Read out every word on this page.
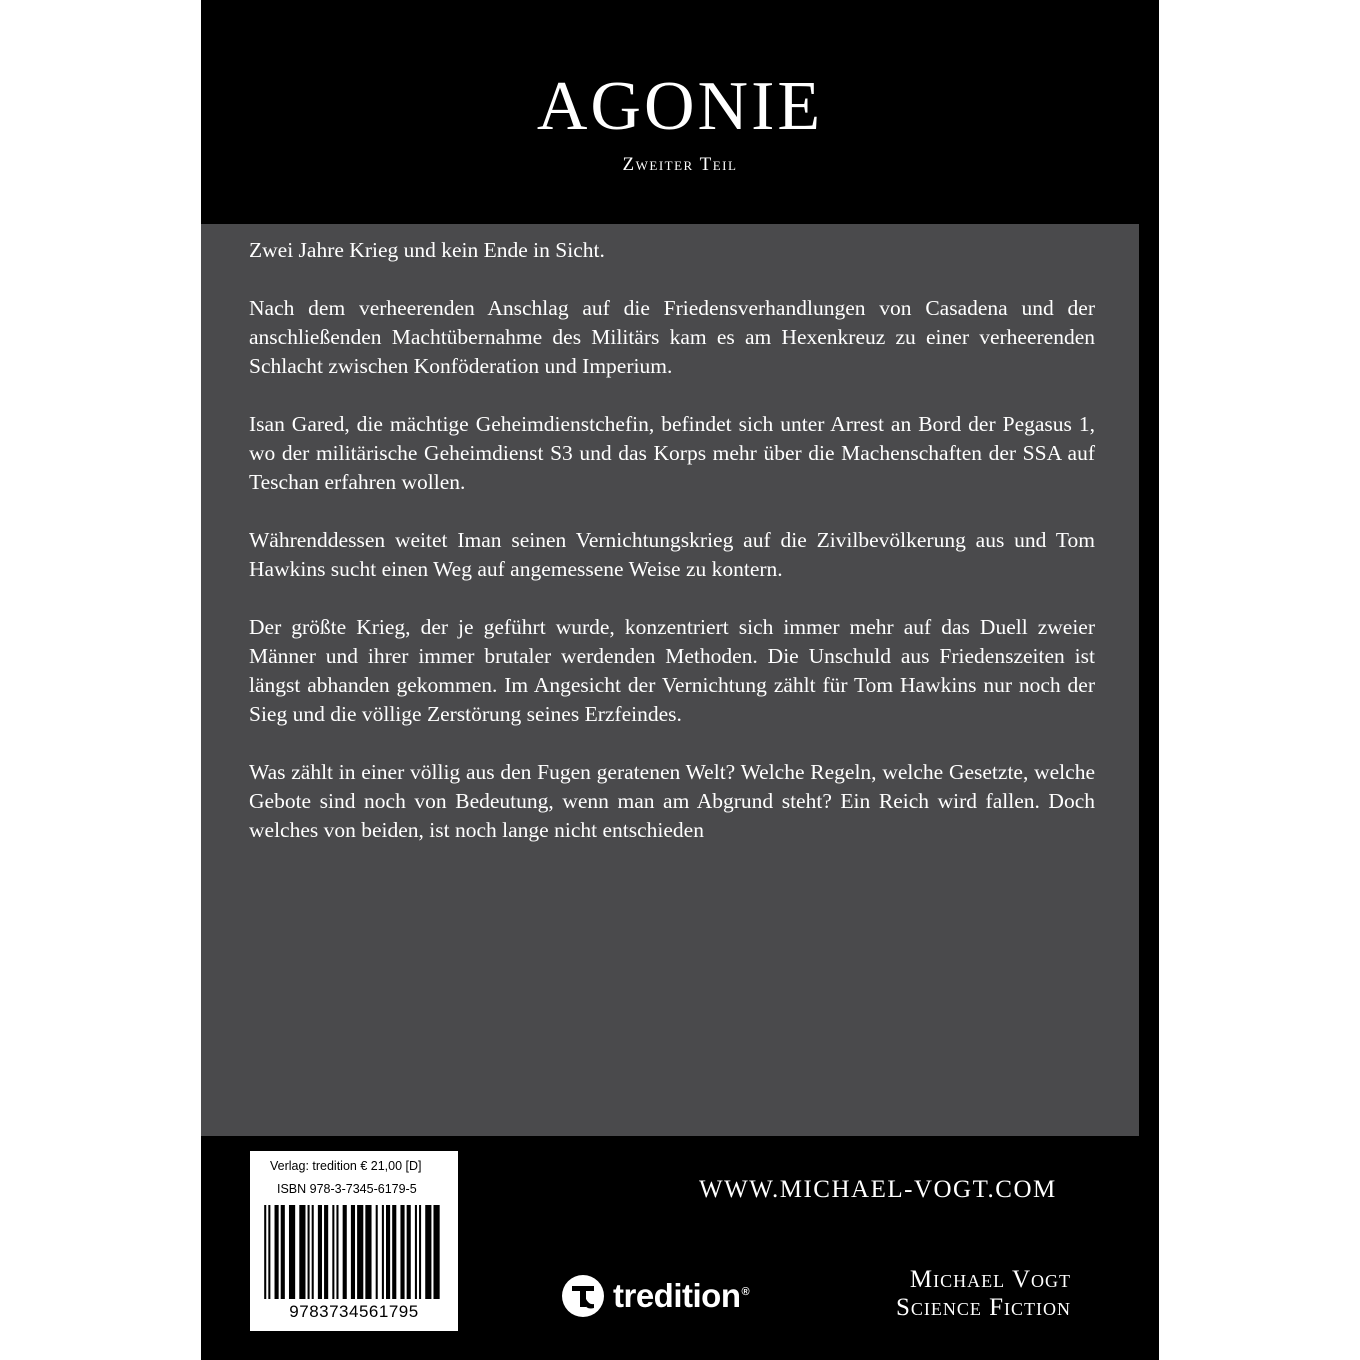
AGONIE
Zweiter Teil

Zwei Jahre Krieg und kein Ende in Sicht.

Nach dem verheerenden Anschlag auf die Friedensverhandlungen von Casadena und der anschließenden Machtübernahme des Militärs kam es am Hexenkreuz zu einer verheerenden Schlacht zwischen Konföderation und Imperium.

Isan Gared, die mächtige Geheimdienstchefin, befindet sich unter Arrest an Bord der Pegasus 1, wo der militärische Geheimdienst S3 und das Korps mehr über die Machenschaften der SSA auf Teschan erfahren wollen.

Währenddessen weitet Iman seinen Vernichtungskrieg auf die Zivilbevölkerung aus und Tom Hawkins sucht einen Weg auf angemessene Weise zu kontern.

Der größte Krieg, der je geführt wurde, konzentriert sich immer mehr auf das Duell zweier Männer und ihrer immer brutaler werdenden Methoden. Die Unschuld aus Friedenszeiten ist längst abhanden gekommen. Im Angesicht der Vernichtung zählt für Tom Hawkins nur noch der Sieg und die völlige Zerstörung seines Erzfeindes.

Was zählt in einer völlig aus den Fugen geratenen Welt? Welche Regeln, welche Gesetzte, welche Gebote sind noch von Bedeutung, wenn man am Abgrund steht? Ein Reich wird fallen. Doch welches von beiden, ist noch lange nicht entschieden

Verlag: tredition € 21,00 [D]
ISBN 978-3-7345-6179-5
9783734561795
WWW.MICHAEL-VOGT.COM
tredition®	Michael Vogt
Science Fiction
